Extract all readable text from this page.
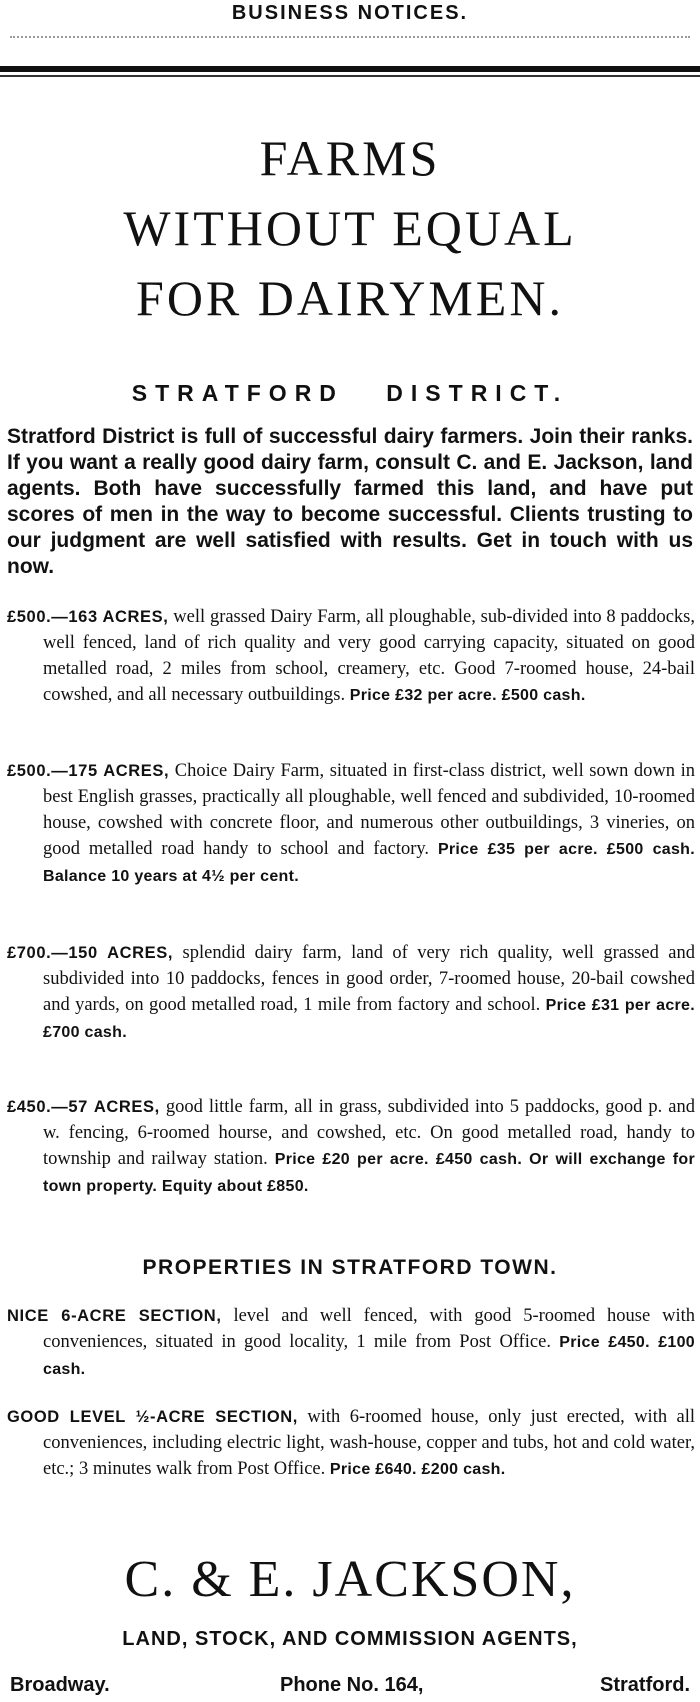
BUSINESS NOTICES.
FARMS
WITHOUT EQUAL
FOR DAIRYMEN.
STRATFORD DISTRICT.
Stratford District is full of successful dairy farmers. Join their ranks. If you want a really good dairy farm, consult C. and E. Jackson, land agents. Both have successfully farmed this land, and have put scores of men in the way to become successful. Clients trusting to our judgment are well satisfied with results. Get in touch with us now.
£500.—163 ACRES, well grassed Dairy Farm, all ploughable, sub-divided into 8 paddocks, well fenced, land of rich quality and very good carrying capacity, situated on good metalled road, 2 miles from school, creamery, etc. Good 7-roomed house, 24-bail cowshed, and all necessary outbuildings. Price £32 per acre. £500 cash.
£500.—175 ACRES, Choice Dairy Farm, situated in first-class district, well sown down in best English grasses, practically all ploughable, well fenced and subdivided, 10-roomed house, cowshed with concrete floor, and numerous other outbuildings, 3 vineries, on good metalled road handy to school and factory. Price £35 per acre. £500 cash. Balance 10 years at 4½ per cent.
£700.—150 ACRES, splendid dairy farm, land of very rich quality, well grassed and subdivided into 10 paddocks, fences in good order, 7-roomed house, 20-bail cowshed and yards, on good metalled road, 1 mile from factory and school. Price £31 per acre. £700 cash.
£450.—57 ACRES, good little farm, all in grass, subdivided into 5 paddocks, good p. and w. fencing, 6-roomed hourse, and cowshed, etc. On good metalled road, handy to township and railway station. Price £20 per acre. £450 cash. Or will exchange for town property. Equity about £850.
PROPERTIES IN STRATFORD TOWN.
NICE 6-ACRE SECTION, level and well fenced, with good 5-roomed house with conveniences, situated in good locality, 1 mile from Post Office. Price £450. £100 cash.
GOOD LEVEL ½-ACRE SECTION, with 6-roomed house, only just erected, with all conveniences, including electric light, wash-house, copper and tubs, hot and cold water, etc.; 3 minutes walk from Post Office. Price £640. £200 cash.
C. & E. JACKSON,
LAND, STOCK, AND COMMISSION AGENTS,
Broadway.	Phone No. 164,	Stratford.
